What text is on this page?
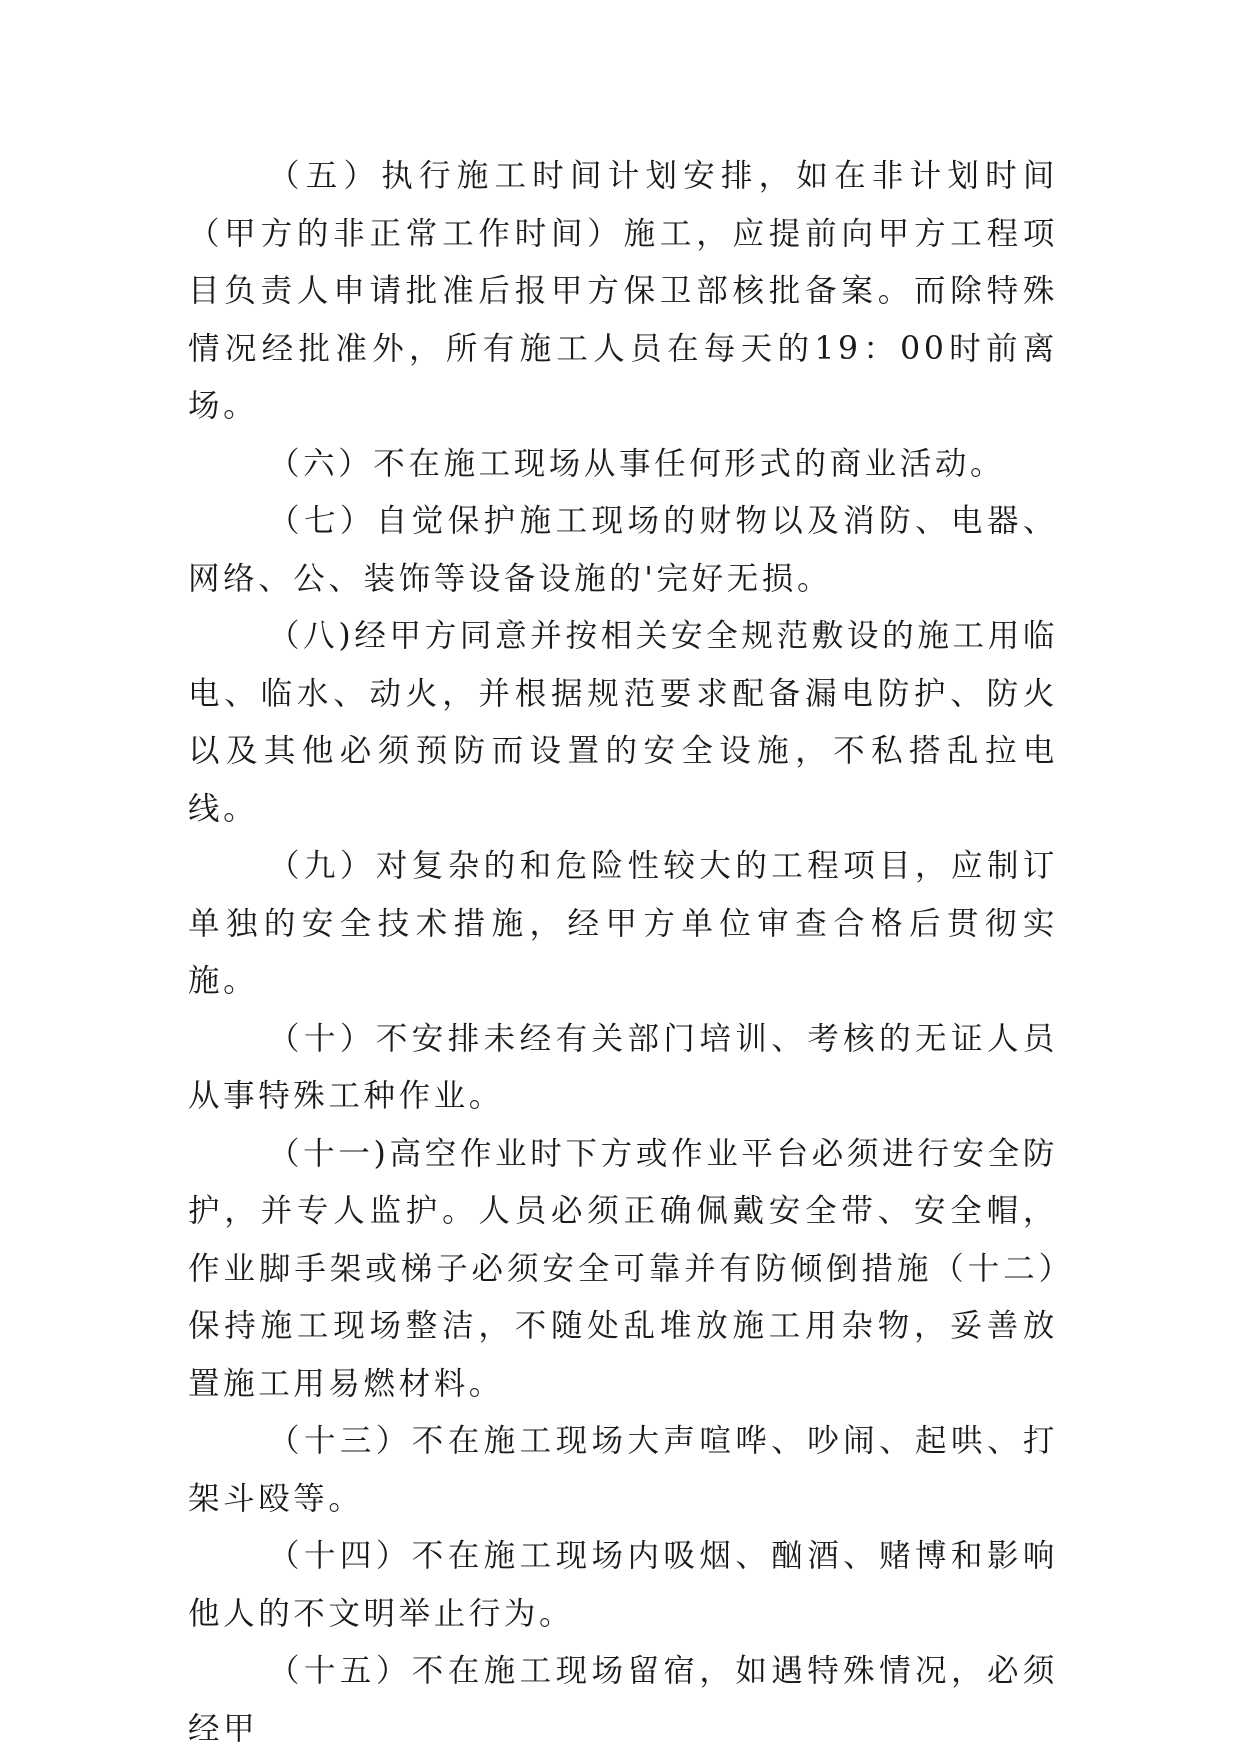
（五）执行施工时间计划安排，如在非计划时间（甲方的非正常工作时间）施工，应提前向甲方工程项目负责人申请批准后报甲方保卫部核批备案。而除特殊情况经批准外，所有施工人员在每天的19：00时前离场。

（六）不在施工现场从事任何形式的商业活动。

（七）自觉保护施工现场的财物以及消防、电器、网络、公、装饰等设备设施的'完好无损。

（八)经甲方同意并按相关安全规范敷设的施工用临电、临水、动火，并根据规范要求配备漏电防护、防火以及其他必须预防而设置的安全设施，不私搭乱拉电线。

（九）对复杂的和危险性较大的工程项目，应制订单独的安全技术措施，经甲方单位审查合格后贯彻实施。

（十）不安排未经有关部门培训、考核的无证人员从事特殊工种作业。

（十一)高空作业时下方或作业平台必须进行安全防护，并专人监护。人员必须正确佩戴安全带、安全帽，作业脚手架或梯子必须安全可靠并有防倾倒措施（十二）保持施工现场整洁，不随处乱堆放施工用杂物，妥善放置施工用易燃材料。

（十三）不在施工现场大声喧哗、吵闹、起哄、打架斗殴等。

（十四）不在施工现场内吸烟、酗酒、赌博和影响他人的不文明举止行为。

（十五）不在施工现场留宿，如遇特殊情况，必须经甲
